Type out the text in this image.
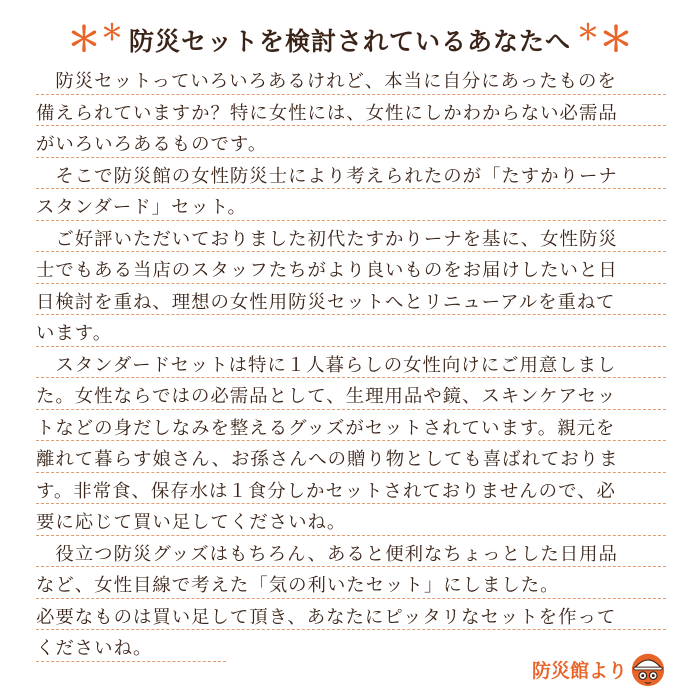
＊ ＊ 防災セットを検討されているあなたへ ＊ ＊
　防災セットっていろいろあるけれど、本当に自分にあったものを
備えられていますか？特に女性には、女性にしかわからない必需品
がいろいろあるものです。
　そこで防災館の女性防災士により考えられたのが「たすかりーナ
スタンダード」セット。
　ご好評いただいておりました初代たすかりーナを基に、女性防災
士でもある当店のスタッフたちがより良いものをお届けしたいと日
日検討を重ね、理想の女性用防災セットへとリニューアルを重ねて
います。
　スタンダードセットは特に１人暮らしの女性向けにご用意しまし
た。女性ならではの必需品として、生理用品や鏡、スキンケアセッ
トなどの身だしなみを整えるグッズがセットされています。親元を
離れて暮らす娘さん、お孫さんへの贈り物としても喜ばれておりま
す。非常食、保存水は１食分しかセットされておりませんので、必
要に応じて買い足してくださいね。
　役立つ防災グッズはもちろん、あると便利なちょっとした日用品
など、女性目線で考えた「気の利いたセット」にしました。
必要なものは買い足して頂き、あなたにピッタリなセットを作って
くださいね。
防災館より
